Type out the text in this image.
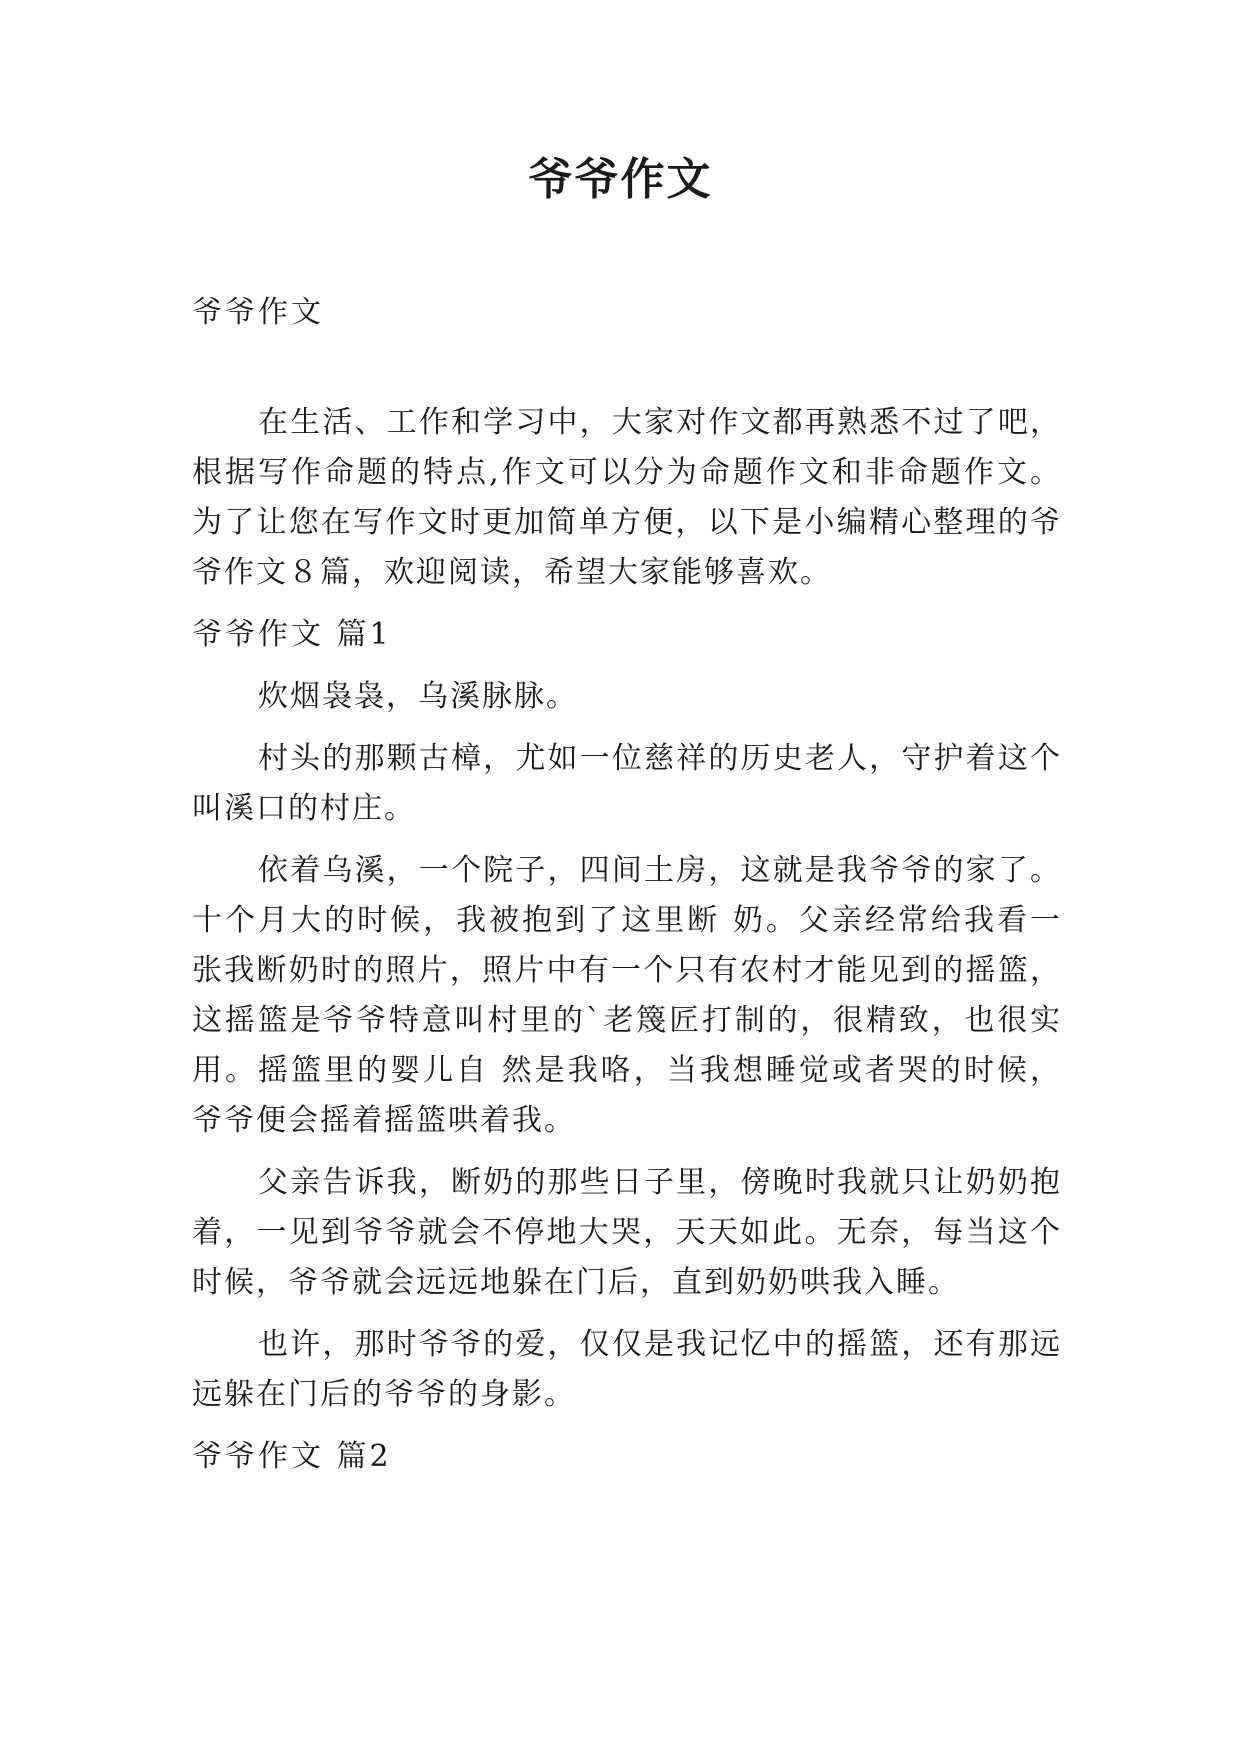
爷爷作文
爷爷作文

在生活、工作和学习中，大家对作文都再熟悉不过了吧，根据写作命题的特点,作文可以分为命题作文和非命题作文。为了让您在写作文时更加简单方便，以下是小编精心整理的爷爷作文８篇，欢迎阅读，希望大家能够喜欢。

爷爷作文 篇1

炊烟袅袅，乌溪脉脉。

村头的那颗古樟，尤如一位慈祥的历史老人，守护着这个叫溪口的村庄。

依着乌溪，一个院子，四间土房，这就是我爷爷的家了。十个月大的时候，我被抱到了这里断 奶。父亲经常给我看一张我断奶时的照片，照片中有一个只有农村才能见到的摇篮，这摇篮是爷爷特意叫村里的`老篾匠打制的，很精致，也很实用。摇篮里的婴儿自 然是我咯，当我想睡觉或者哭的时候，爷爷便会摇着摇篮哄着我。

父亲告诉我，断奶的那些日子里，傍晚时我就只让奶奶抱着，一见到爷爷就会不停地大哭，天天如此。无奈，每当这个时候，爷爷就会远远地躲在门后，直到奶奶哄我入睡。

也许，那时爷爷的爱，仅仅是我记忆中的摇篮，还有那远远躲在门后的爷爷的身影。

爷爷作文 篇2
